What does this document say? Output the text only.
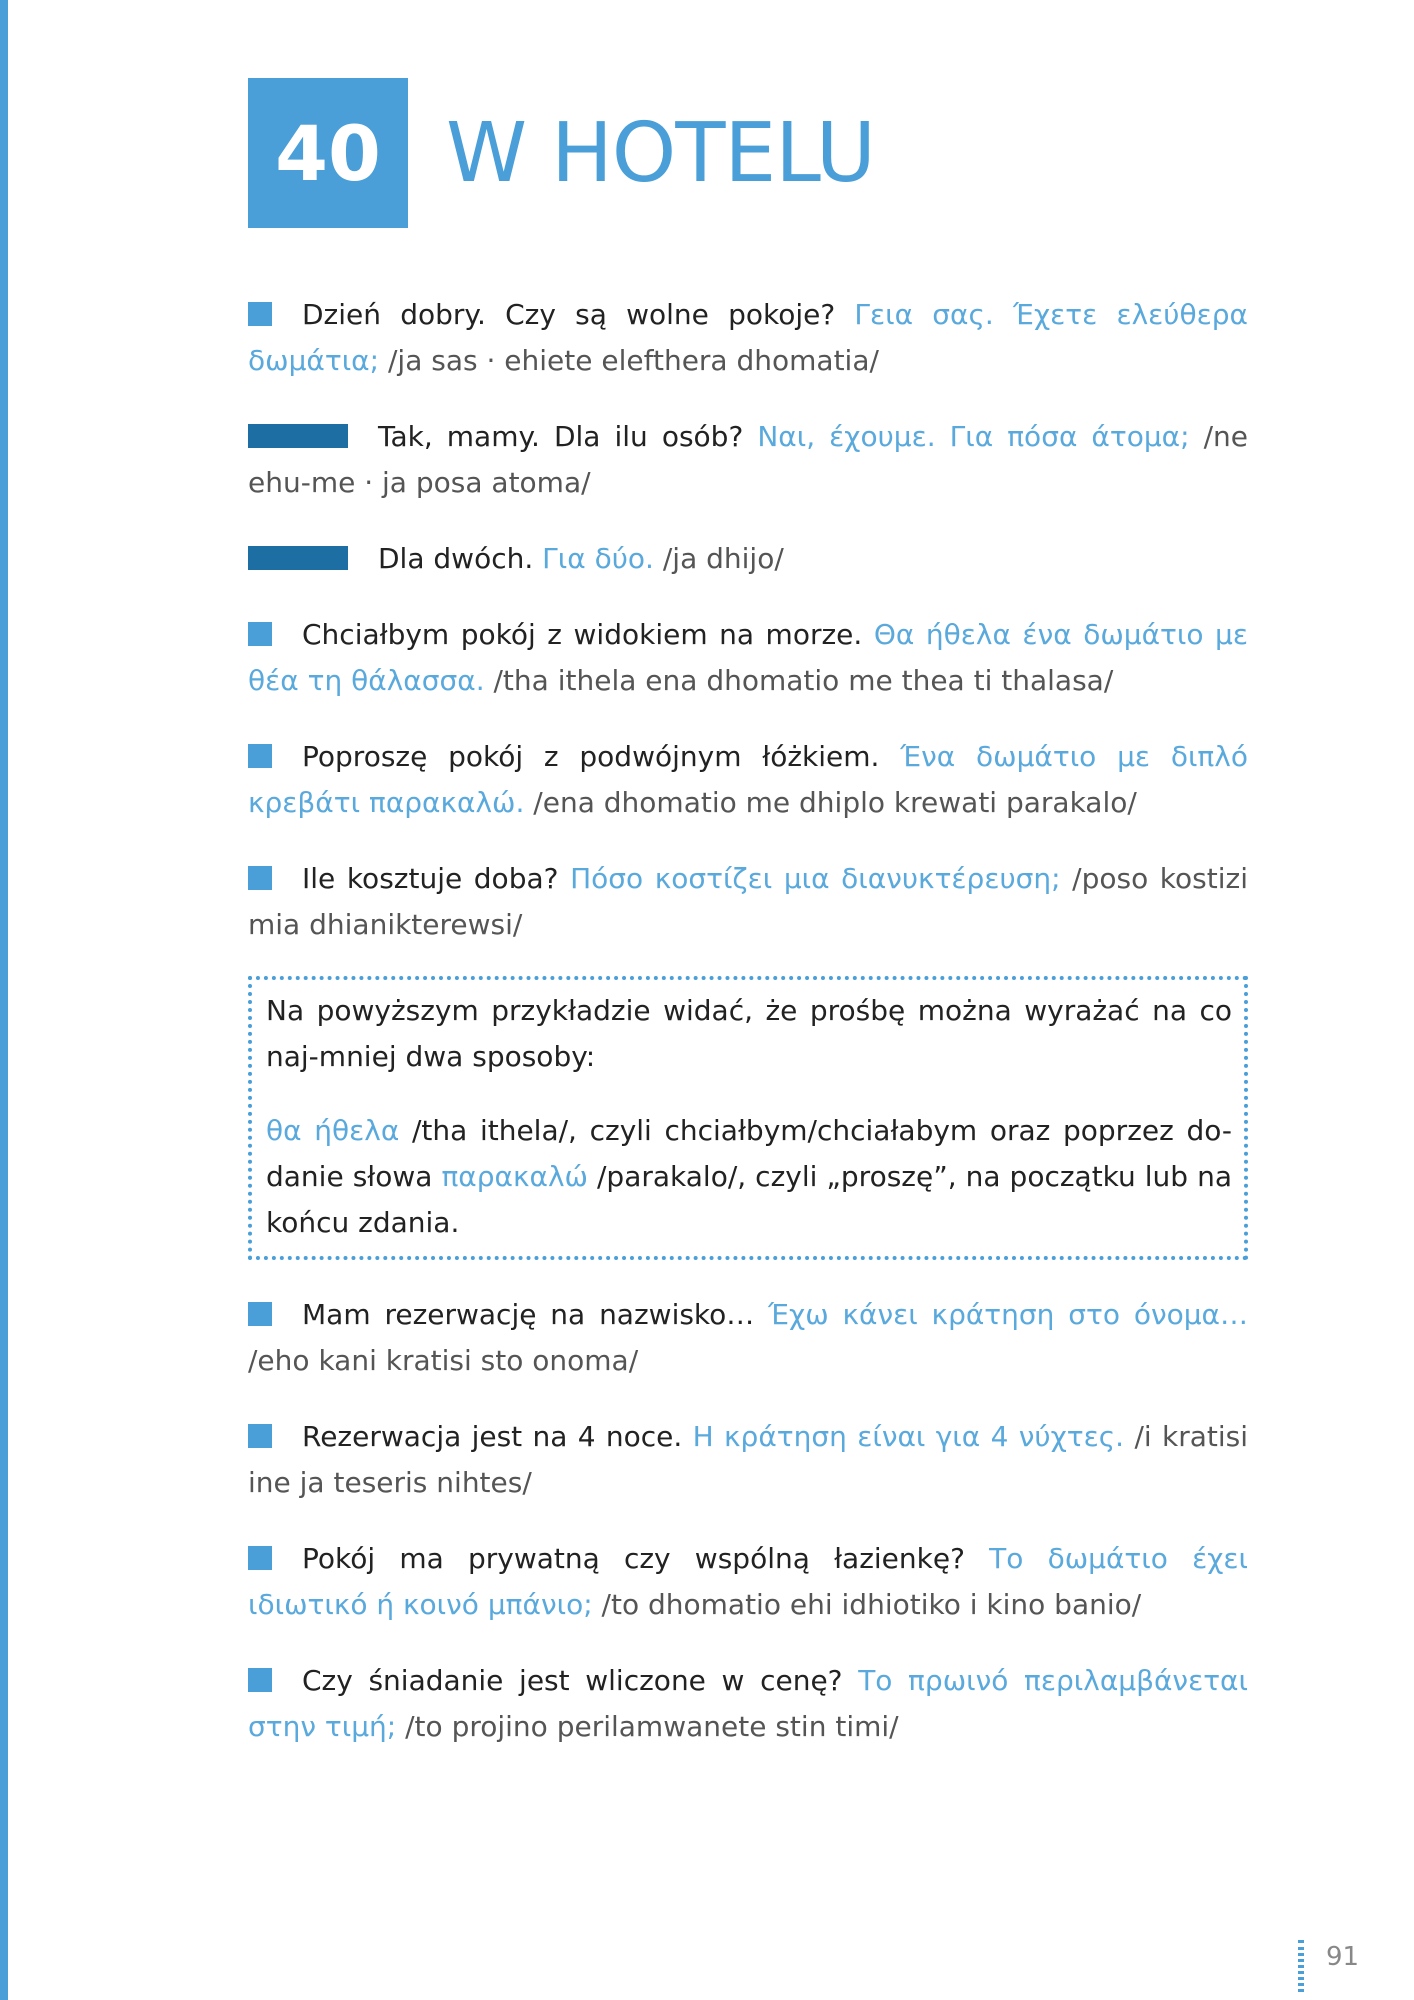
40 W HOTELU
Dzień dobry. Czy są wolne pokoje? Γεια σας. Έχετε ελεύθερα δωμάτια; /ja sas · ehiete elefthera dhomatia/
Tak, mamy. Dla ilu osób? Ναι, έχουμε. Για πόσα άτομα; /ne ehu-me · ja posa atoma/
Dla dwóch. Για δύο. /ja dhijo/
Chciałbym pokój z widokiem na morze. Θα ήθελα ένα δωμάτιο με θέα τη θάλασσα. /tha ithela ena dhomatio me thea ti thalasa/
Poproszę pokój z podwójnym łóżkiem. Ένα δωμάτιο με διπλό κρεβάτι παρακαλώ. /ena dhomatio me dhiplo krewati parakalo/
Ile kosztuje doba? Πόσο κοστίζει μια διανυκτέρευση; /poso kostizi mia dhianikterewsi/

Na powyższym przykładzie widać, że prośbę można wyrażać na co naj-mniej dwa sposoby:

θα ήθελα /tha ithela/, czyli chciałbym/chciałabym oraz poprzez do-danie słowa παρακαλώ /parakalo/, czyli „proszę”, na początku lub na końcu zdania.

Mam rezerwację na nazwisko… Έχω κάνει κράτηση στο όνομα… /eho kani kratisi sto onoma/
Rezerwacja jest na 4 noce. Η κράτηση είναι για 4 νύχτες. /i kratisi ine ja teseris nihtes/
Pokój ma prywatną czy wspólną łazienkę? Το δωμάτιο έχει ιδιωτικό ή κοινό μπάνιο; /to dhomatio ehi idhiotiko i kino banio/
Czy śniadanie jest wliczone w cenę? Το πρωινό περιλαμβάνεται στην τιμή; /to projino perilamwanete stin timi/
91
